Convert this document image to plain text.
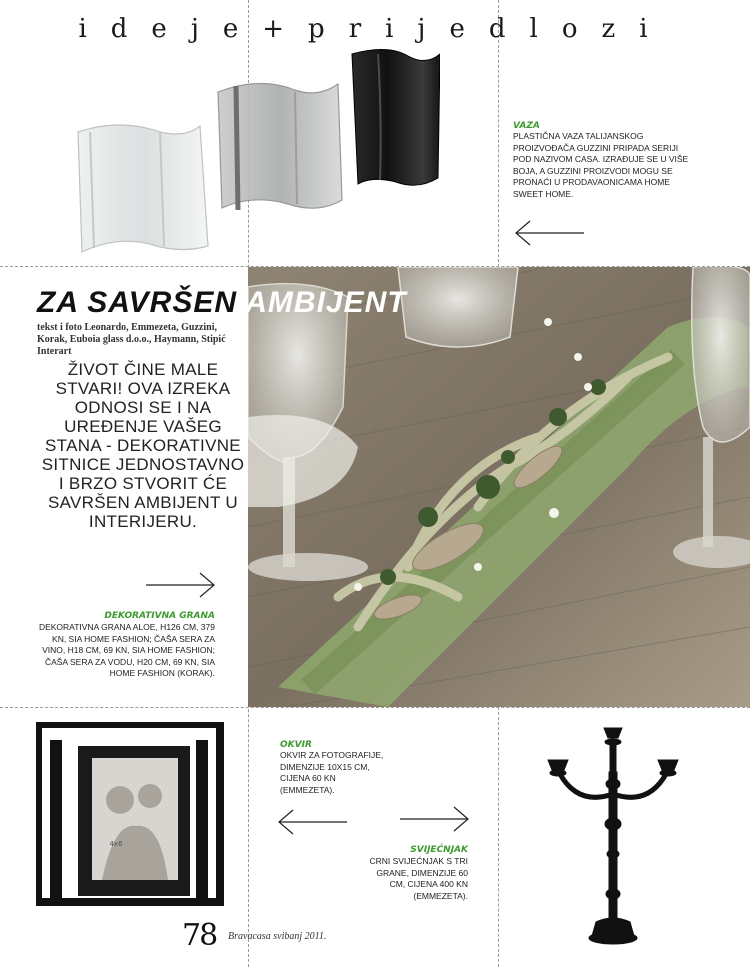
ideje+prijedlozi
VAZA
PLASTIČNA VAZA TALIJANSKOG PROIZVOĐAČA GUZZINI PRIPADA SERIJI POD NAZIVOM CASA. IZRAĐUJE SE U VIŠE BOJA, A GUZZINI PROIZVODI MOGU SE PRONAĆI U PRODAVAONICAMA HOME SWEET HOME.
ZA SAVRŠEN AMBIJENT
tekst i foto Leonardo, Emmezeta, Guzzini, Korak, Euboia glass d.o.o., Haymann, Stipić Interart
ŽIVOT ČINE MALE STVARI! OVA IZREKA ODNOSI SE I NA UREĐENJE VAŠEG STANA - DEKORATIVNE SITNICE JEDNOSTAVNO I BRZO STVORIT ĆE SAVRŠEN AMBIJENT U INTERIJERU.
DEKORATIVNA GRANA
DEKORATIVNA GRANA ALOE, H126 CM, 379 KN, SIA HOME FASHION; ČAŠA SERA ZA VINO, H18 CM, 69 KN, SIA HOME FASHION; ČAŠA SERA ZA VODU, H20 CM, 69 KN, SIA HOME FASHION (KORAK).
4x6
OKVIR
OKVIR ZA FOTOGRAFIJE, DIMENZIJE 10X15 CM, CIJENA 60 KN (EMMEZETA).
SVIJEĆNJAK
CRNI SVIJEĆNJAK S TRI GRANE, DIMENZIJE 60 CM, CIJENA 400 KN (EMMEZETA).
78 Bravacasa svibanj 2011.
